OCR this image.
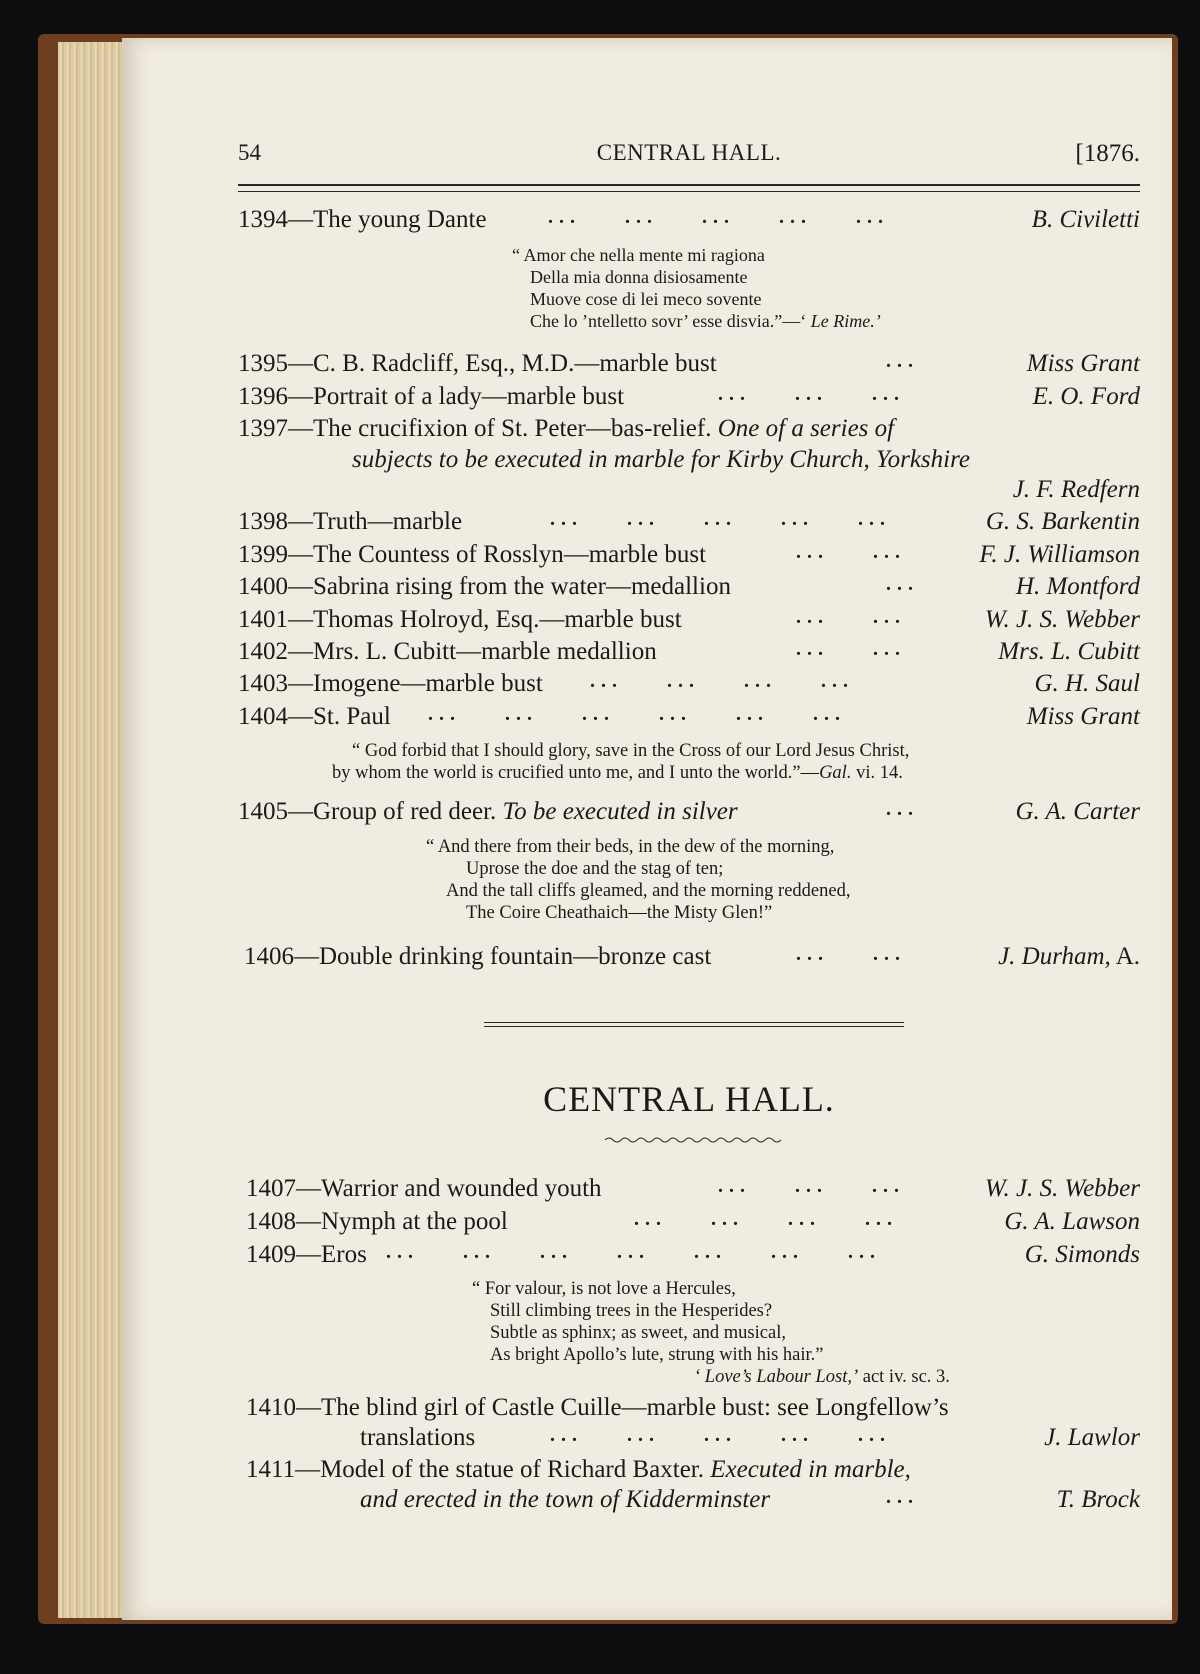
54	CENTRAL HALL.	[1876.
1394—The young Dante	...    ...    ...    ...    ...	B. Civiletti
“ Amor che nella mente mi ragiona
Della mia donna disiosamente
Muove cose di lei meco sovente
Che lo ’ntelletto sovr’ esse disvia.”—‘ Le Rime.’
1395—C. B. Radcliff, Esq., M.D.—marble bust	...	Miss Grant
1396—Portrait of a lady—marble bust	...    ...    ...	E. O. Ford
1397—The crucifixion of St. Peter—bas-relief. One of a series of
subjects to be executed in marble for Kirby Church, Yorkshire
J. F. Redfern
1398—Truth—marble	...    ...    ...    ...    ...	G. S. Barkentin
1399—The Countess of Rosslyn—marble bust	...    ...	F. J. Williamson
1400—Sabrina rising from the water—medallion	...	H. Montford
1401—Thomas Holroyd, Esq.—marble bust	...    ...	W. J. S. Webber
1402—Mrs. L. Cubitt—marble medallion	...    ...	Mrs. L. Cubitt
1403—Imogene—marble bust ...    ...    ...    ...	G. H. Saul
1404—St. Paul ...    ...    ...    ...    ...    ...	Miss Grant
“ God forbid that I should glory, save in the Cross of our Lord Jesus Christ,
by whom the world is crucified unto me, and I unto the world.”—Gal. vi. 14.
1405—Group of red deer. To be executed in silver	...	G. A. Carter
“ And there from their beds, in the dew of the morning,
Uprose the doe and the stag of ten;
And the tall cliffs gleamed, and the morning reddened,
The Coire Cheathaich—the Misty Glen!”
1406—Double drinking fountain—bronze cast	...    ...	J. Durham, A.
CENTRAL HALL.
1407—Warrior and wounded youth	...    ...    ...	W. J. S. Webber
1408—Nymph at the pool	...    ...    ...    ...	G. A. Lawson
1409—Eros ...    ...    ...    ...    ...    ...    ...	G. Simonds
“ For valour, is not love a Hercules,
Still climbing trees in the Hesperides?
Subtle as sphinx; as sweet, and musical,
As bright Apollo’s lute, strung with his hair.”
‘ Love’s Labour Lost,’ act iv. sc. 3.
1410—The blind girl of Castle Cuille—marble bust: see Longfellow’s
translations	...    ...    ...    ...    ...	J. Lawlor
1411—Model of the statue of Richard Baxter. Executed in marble,
and erected in the town of Kidderminster	...	T. Brock
